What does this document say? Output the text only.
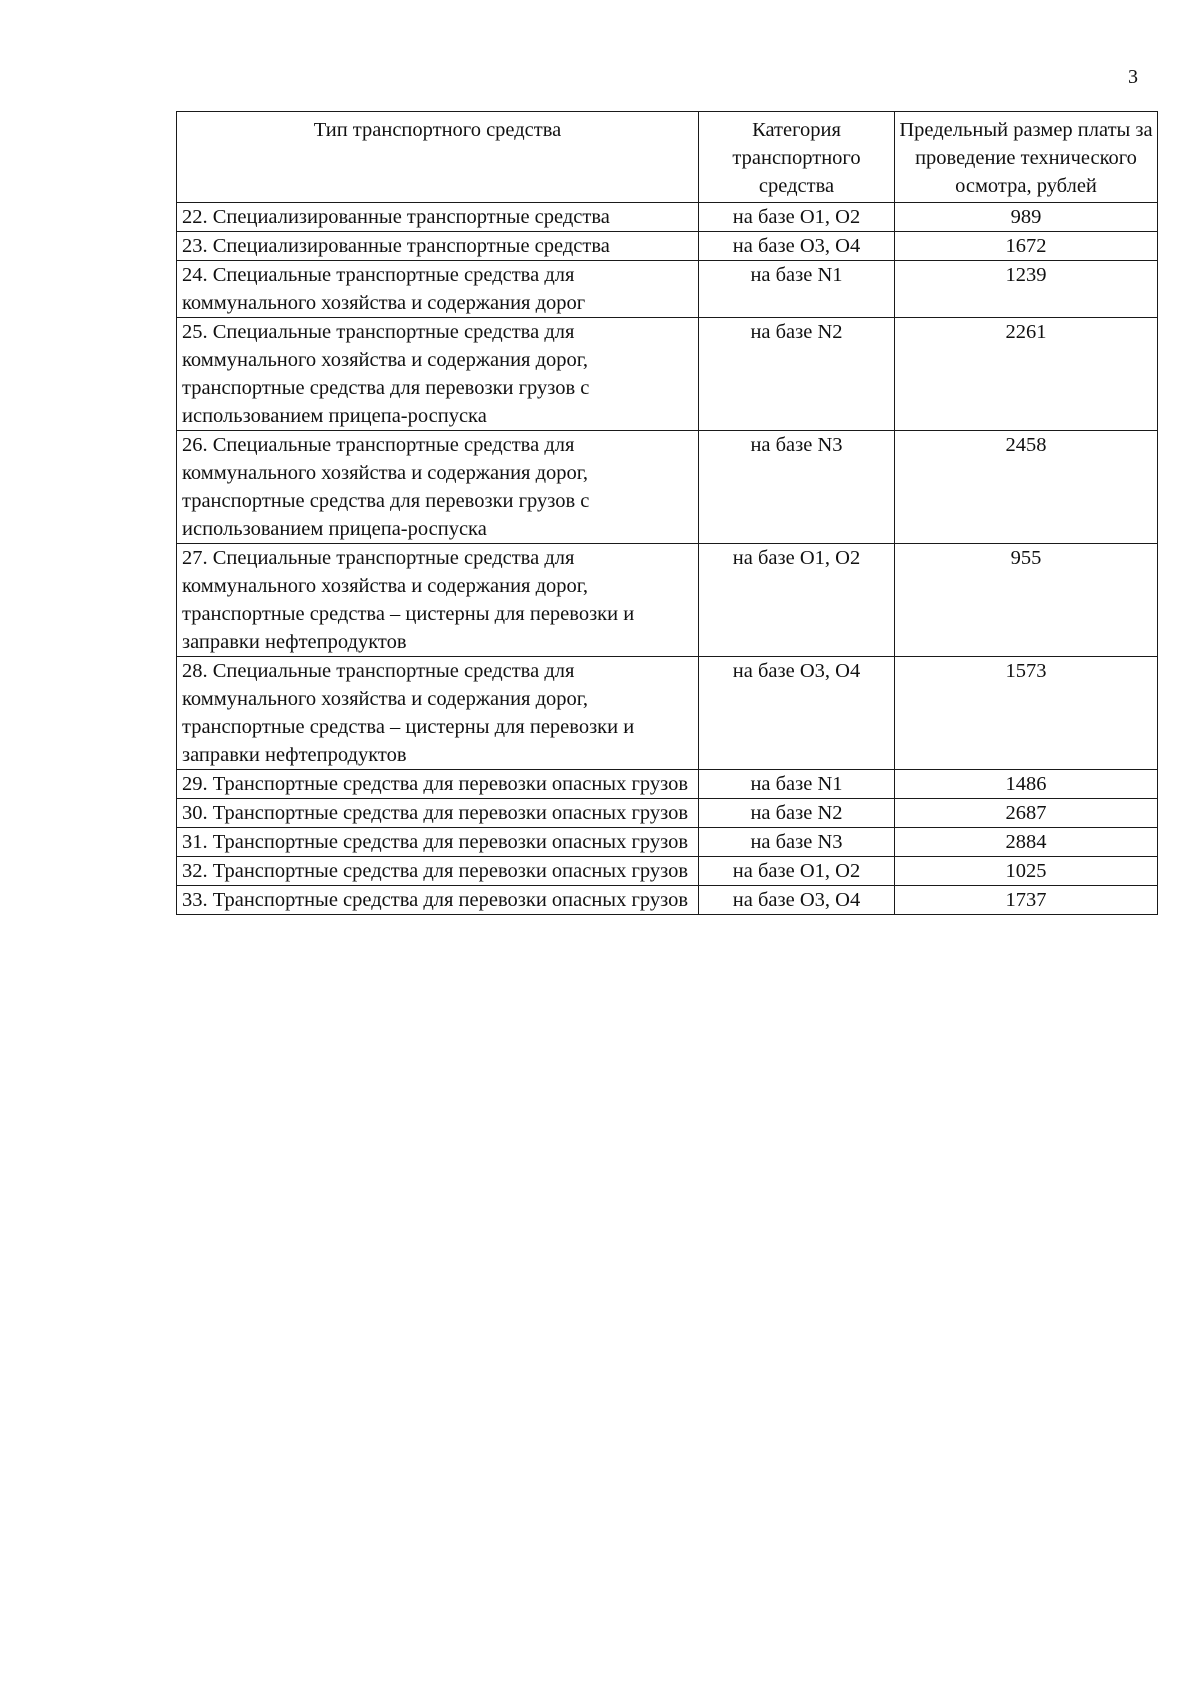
3
Тип транспортного средства	Категория транспортного средства	Предельный размер платы за проведение технического осмотра, рублей
22. Специализированные транспортные средства	на базе О1, О2	989
23. Специализированные транспортные средства	на базе О3, О4	1672
24. Специальные транспортные средства для коммунального хозяйства и содержания дорог	на базе N1	1239
25. Специальные транспортные средства для коммунального хозяйства и содержания дорог, транспортные средства для перевозки грузов с использованием прицепа-роспуска	на базе N2	2261
26. Специальные транспортные средства для коммунального хозяйства и содержания дорог, транспортные средства для перевозки грузов с использованием прицепа-роспуска	на базе N3	2458
27. Специальные транспортные средства для коммунального хозяйства и содержания дорог, транспортные средства – цистерны для перевозки и заправки нефтепродуктов	на базе О1, О2	955
28. Специальные транспортные средства для коммунального хозяйства и содержания дорог, транспортные средства – цистерны для перевозки и заправки нефтепродуктов	на базе О3, О4	1573
29. Транспортные средства для перевозки опасных грузов	на базе N1	1486
30. Транспортные средства для перевозки опасных грузов	на базе N2	2687
31. Транспортные средства для перевозки опасных грузов	на базе N3	2884
32. Транспортные средства для перевозки опасных грузов	на базе О1, О2	1025
33. Транспортные средства для перевозки опасных грузов	на базе О3, О4	1737
